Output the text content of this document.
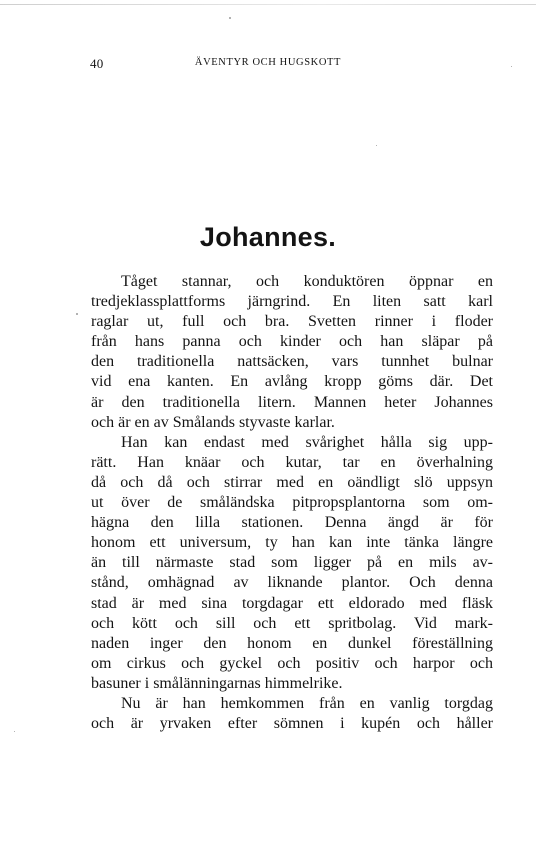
40	ÄVENTYR OCH HUGSKOTT
Johannes.
Tåget stannar, och konduktören öppnar en
tredjeklassplattforms järngrind. En liten satt karl
raglar ut, full och bra. Svetten rinner i floder
från hans panna och kinder och han släpar på
den traditionella nattsäcken, vars tunnhet bulnar
vid ena kanten. En avlång kropp göms där. Det
är den traditionella litern. Mannen heter Johannes
och är en av Smålands styvaste karlar.
Han kan endast med svårighet hålla sig upp-
rätt. Han knäar och kutar, tar en överhalning
då och då och stirrar med en oändligt slö uppsyn
ut över de småländska pitpropsplantorna som om-
hägna den lilla stationen. Denna ängd är för
honom ett universum, ty han kan inte tänka längre
än till närmaste stad som ligger på en mils av-
stånd, omhägnad av liknande plantor. Och denna
stad är med sina torgdagar ett eldorado med fläsk
och kött och sill och ett spritbolag. Vid mark-
naden inger den honom en dunkel föreställning
om cirkus och gyckel och positiv och harpor och
basuner i smålänningarnas himmelrike.
Nu är han hemkommen från en vanlig torgdag
och är yrvaken efter sömnen i kupén och håller
